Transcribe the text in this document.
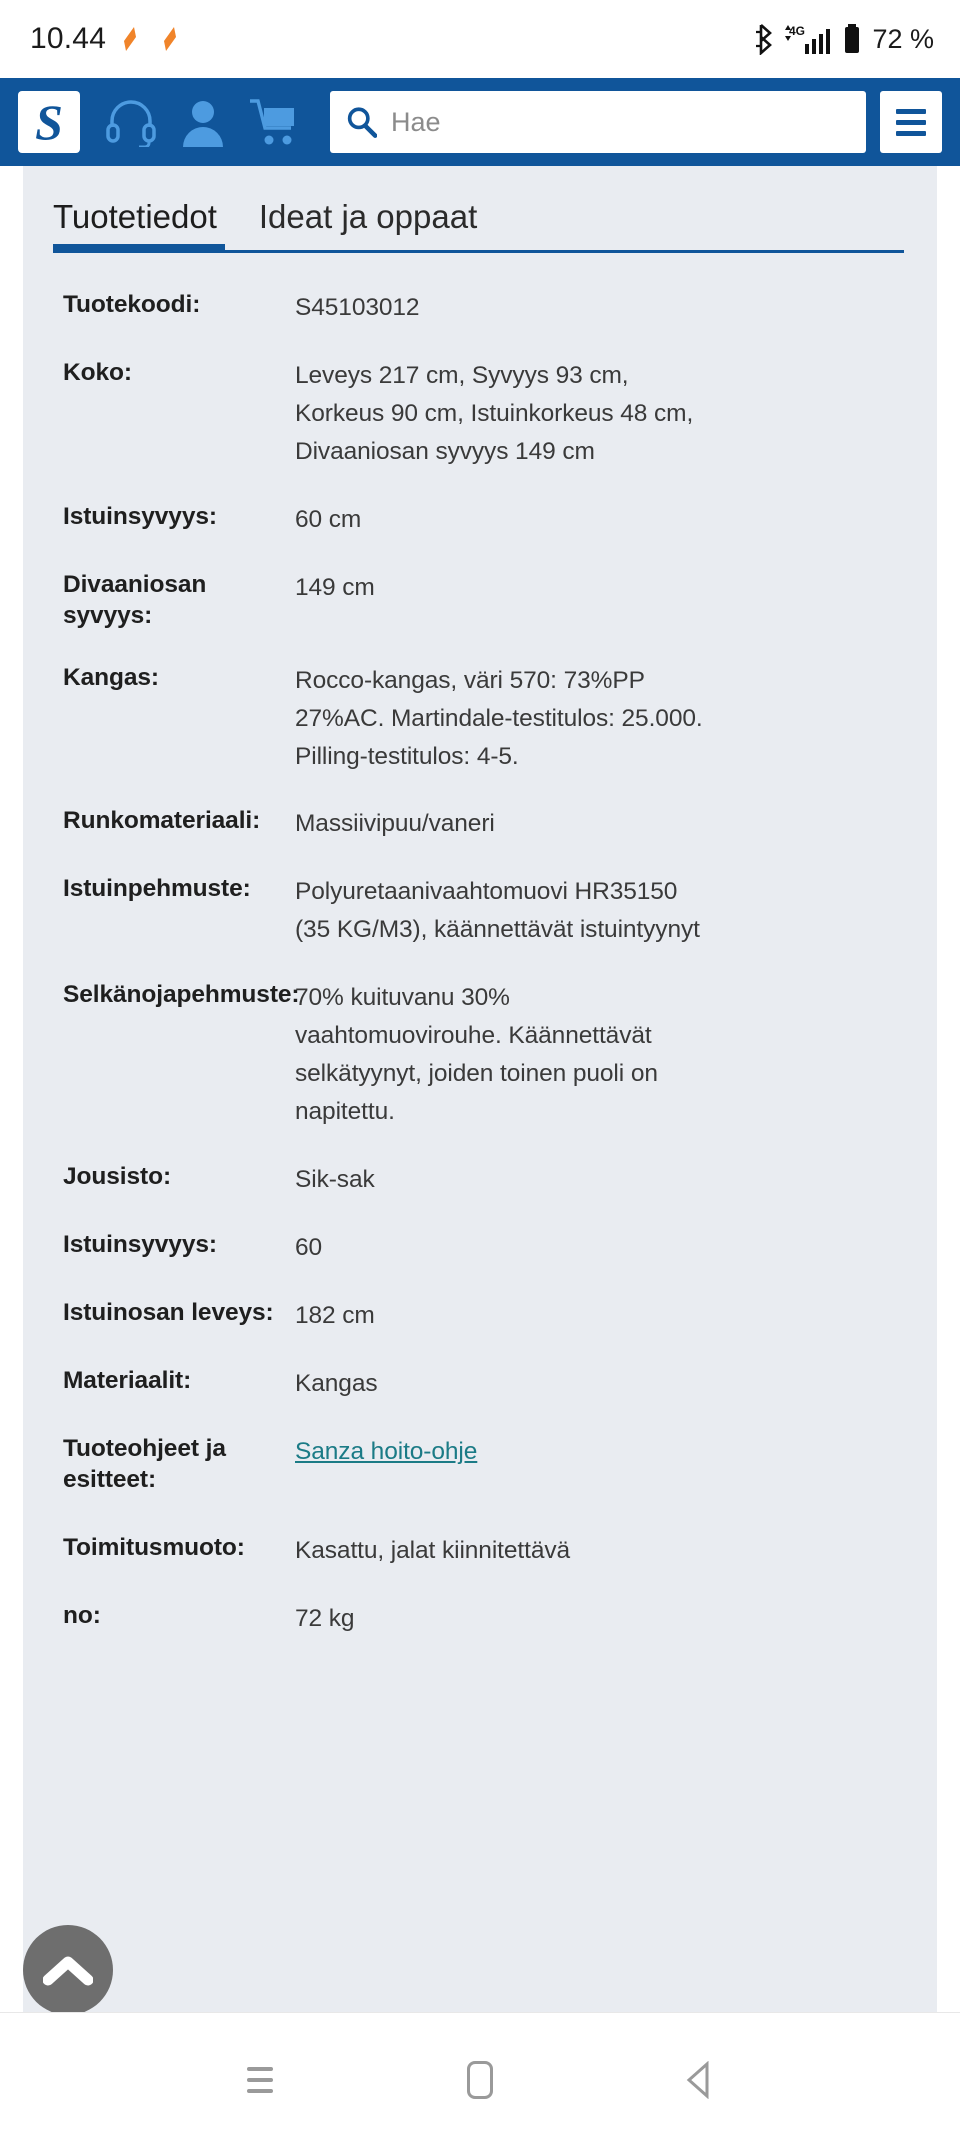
10.44	4G 72 %
S
Hae
Tuotetiedot Ideat ja oppaat
Tuotekoodi:	S45103012
Koko:	Leveys 217 cm, Syvyys 93 cm, Korkeus 90 cm, Istuinkorkeus 48 cm, Divaaniosan syvyys 149 cm
Istuinsyvyys:	60 cm
Divaaniosan syvyys:
149 cm
Kangas:	Rocco-kangas, väri 570: 73%PP 27%AC. Martindale-testitulos: 25.000. Pilling-testitulos: 4-5.
Runkomateriaali:	Massiivipuu/vaneri
Istuinpehmuste:	Polyuretaanivaahtomuovi HR35150 (35 KG/M3), käännettävät istuintyynyt
Selkänojapehmuste:
70% kuituvanu 30% vaahtomuovirouhe. Käännettävät selkätyynyt, joiden toinen puoli on napitettu.
Jousisto:	Sik-sak
Istuinsyvyys:	60
Istuinosan leveys: 182 cm
Materiaalit:	Kangas
Tuoteohjeet ja esitteet:
Sanza hoito-ohje
Toimitusmuoto:	Kasattu, jalat kiinnitettävä
no:	72 kg
